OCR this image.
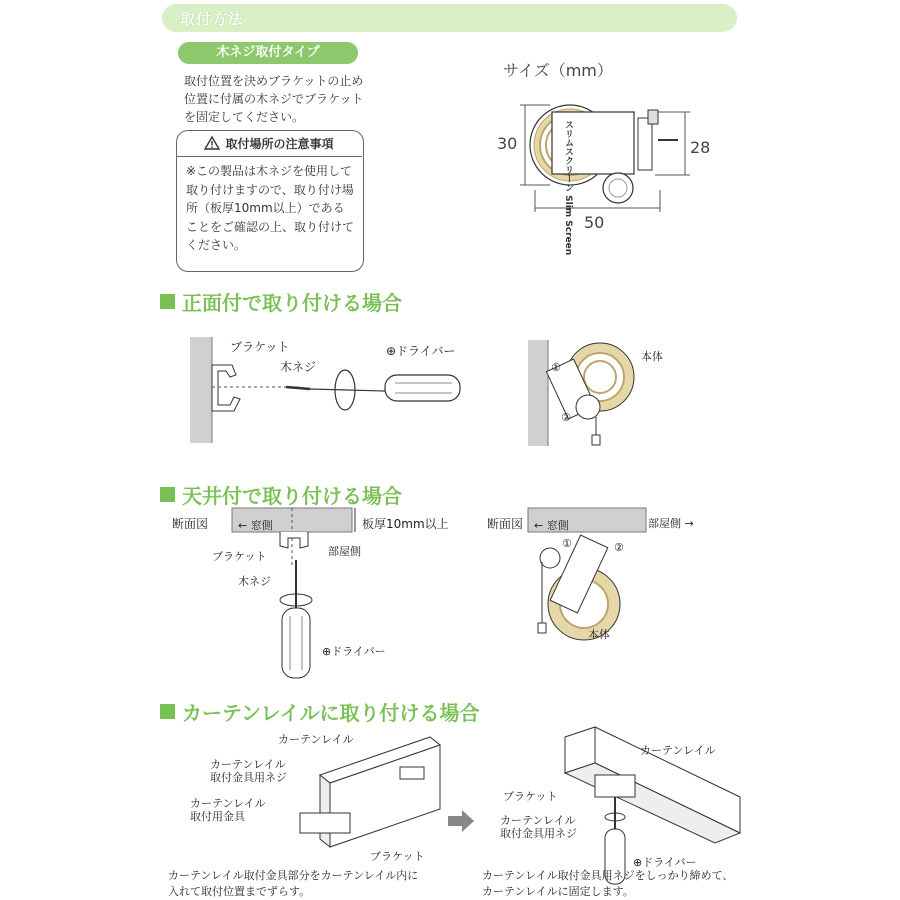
取付方法
木ネジ取付タイプ
取付位置を決めブラケットの止め位置に付属の木ネジでブラケットを固定してください。
取付場所の注意事項
※この製品は木ネジを使用して取り付けますので、取り付け場所（板厚10mm以上）であることをご確認の上、取り付けてください。
サイズ（mm）
30	28
50
スリムスクリーン Slim Screen
正面付で取り付ける場合
ブラケット
木ネジ
⊕ドライバー
①
②
本体
天井付で取り付ける場合
断面図	← 窓側	板厚10mm以上
ブラケット	部屋側
木ネジ
⊕ドライバー
断面図 ← 窓側	部屋側 →
①	②
本体
カーテンレイルに取り付ける場合
カーテンレイル
カーテンレイル
取付金具用ネジ
カーテンレイル
取付用金具
ブラケット
カーテンレイル取付金具部分をカーテンレイル内に入れて取付位置までずらす。
カーテンレイル
ブラケット
カーテンレイル
取付金具用ネジ
⊕ドライバー
カーテンレイル取付金具用ネジをしっかり締めて、カーテンレイルに固定します。
